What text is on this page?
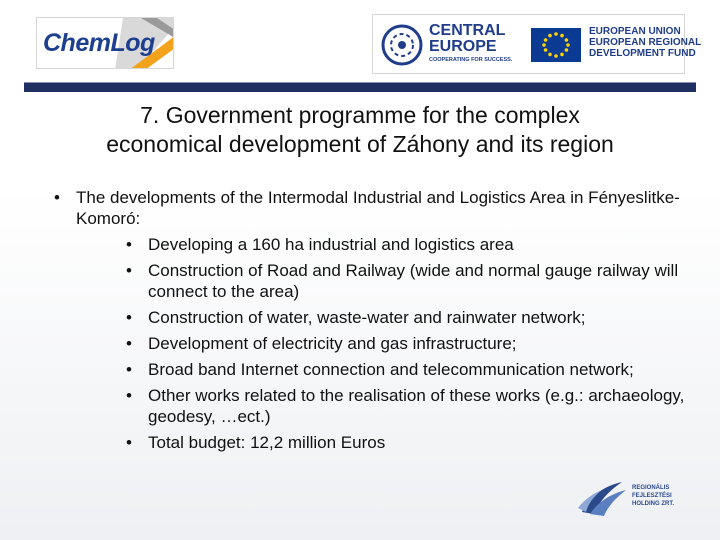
ChemLog	CENTRAL
EUROPE
COOPERATING FOR SUCCESS.
EUROPEAN UNION
EUROPEAN REGIONAL
DEVELOPMENT FUND
7. Government programme for the complex
economical development of Záhony and its region
• The developments of the Intermodal Industrial and Logistics Area in Fényeslitke-Komoró:
• Developing a 160 ha industrial and logistics area
• Construction of Road and Railway (wide and normal gauge railway will connect to the area)
• Construction of water, waste-water and rainwater network;
• Development of electricity and gas infrastructure;
• Broad band Internet connection and telecommunication network;
• Other works related to the realisation of these works (e.g.: archaeology, geodesy, …ect.)
• Total budget: 12,2 million Euros
REGIONÁLIS
FEJLESZTÉSI
HOLDING ZRT.
